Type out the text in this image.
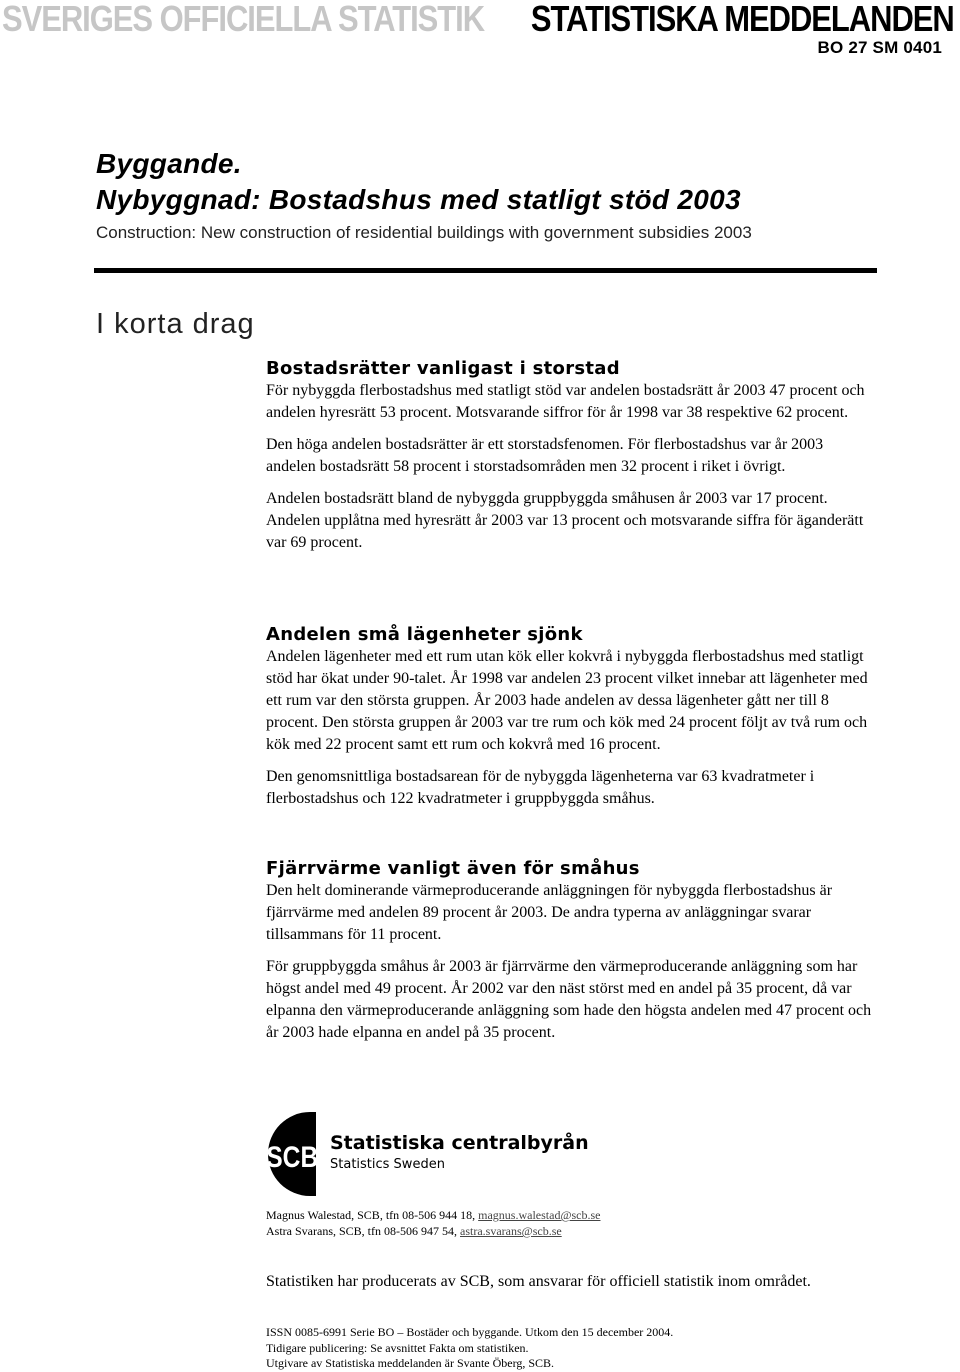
SVERIGES OFFICIELLA STATISTIK STATISTISKA MEDDELANDEN
BO 27 SM 0401
Byggande.
Nybyggnad: Bostadshus med statligt stöd 2003
Construction: New construction of residential buildings with government subsidies 2003
I korta drag
Bostadsrätter vanligast i storstad

För nybyggda flerbostadshus med statligt stöd var andelen bostadsrätt år 2003 47 procent och andelen hyresrätt 53 procent. Motsvarande siffror för år 1998 var 38 respektive 62 procent.

Den höga andelen bostadsrätter är ett storstadsfenomen. För flerbostadshus var år 2003 andelen bostadsrätt 58 procent i storstadsområden men 32 procent i riket i övrigt.

Andelen bostadsrätt bland de nybyggda gruppbyggda småhusen år 2003 var 17 procent. Andelen upplåtna med hyresrätt år 2003 var 13 procent och motsvarande siffra för äganderätt var 69 procent.

Andelen små lägenheter sjönk

Andelen lägenheter med ett rum utan kök eller kokvrå i nybyggda flerbostadshus med statligt stöd har ökat under 90-talet. År 1998 var andelen 23 procent vilket innebar att lägenheter med ett rum var den största gruppen. År 2003 hade andelen av dessa lägenheter gått ner till 8 procent. Den största gruppen år 2003 var tre rum och kök med 24 procent följt av två rum och kök med 22 procent samt ett rum och kokvrå med 16 procent.

Den genomsnittliga bostadsarean för de nybyggda lägenheterna var 63 kvadratmeter i flerbostadshus och 122 kvadratmeter i gruppbyggda småhus.

Fjärrvärme vanligt även för småhus

Den helt dominerande värmeproducerande anläggningen för nybyggda flerbostadshus är fjärrvärme med andelen 89 procent år 2003. De andra typerna av anläggningar svarar tillsammans för 11 procent.

För gruppbyggda småhus år 2003 är fjärrvärme den värmeproducerande anläggning som har högst andel med 49 procent. År 2002 var den näst störst med en andel på 35 procent, då var elpanna den värmeproducerande anläggning som hade den högsta andelen med 47 procent och år 2003 hade elpanna en andel på 35 procent.

SCB Statistiska centralbyrån
Statistics Sweden
Magnus Walestad, SCB, tfn 08-506 944 18, magnus.walestad@scb.se
Astra Svarans, SCB, tfn 08-506 947 54, astra.svarans@scb.se
Statistiken har producerats av SCB, som ansvarar för officiell statistik inom området.
ISSN 0085-6991 Serie BO – Bostäder och byggande. Utkom den 15 december 2004.
Tidigare publicering: Se avsnittet Fakta om statistiken.
Utgivare av Statistiska meddelanden är Svante Öberg, SCB.
